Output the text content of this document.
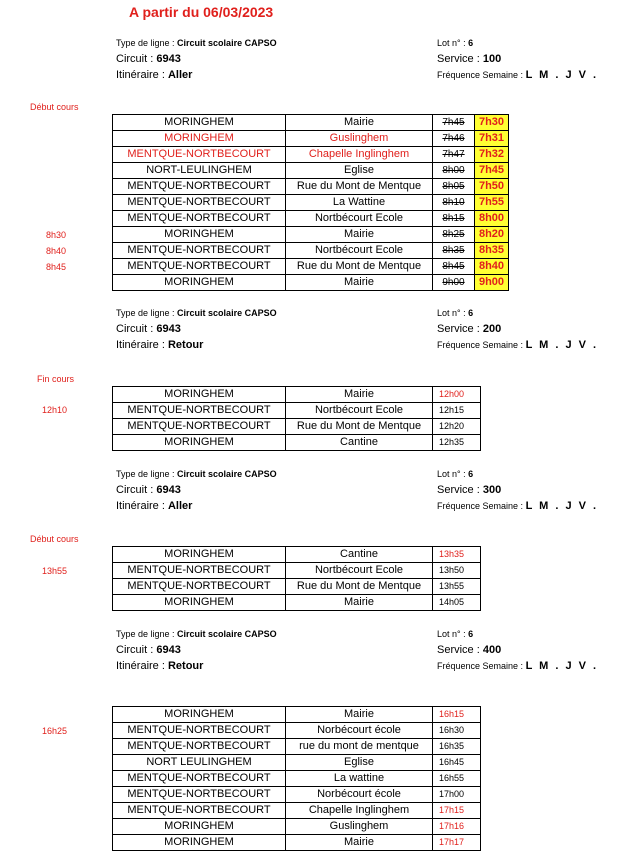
A partir du 06/03/2023
Type de ligne : Circuit scolaire CAPSO
Circuit : 6943
Itinéraire : Aller
Lot n° : 6
Service : 100
Fréquence Semaine : L M . J V .
Type de ligne : Circuit scolaire CAPSO
Circuit : 6943
Itinéraire : Retour
Lot n° : 6
Service : 200
Fréquence Semaine : L M . J V .
Type de ligne : Circuit scolaire CAPSO
Circuit : 6943
Itinéraire : Aller
Lot n° : 6
Service : 300
Fréquence Semaine : L M . J V .
Type de ligne : Circuit scolaire CAPSO
Circuit : 6943
Itinéraire : Retour
Lot n° : 6
Service : 400
Fréquence Semaine : L M . J V .
Début cours
8h30
8h40
8h45
Fin cours
12h10
Début cours
13h55
16h25
MORINGHEM	Mairie	7h45	7h30
MORINGHEM	Guslinghem	7h46	7h31
MENTQUE-NORTBECOURT	Chapelle Inglinghem	7h47	7h32
NORT-LEULINGHEM	Eglise	8h00	7h45
MENTQUE-NORTBECOURT	Rue du Mont de Mentque	8h05	7h50
MENTQUE-NORTBECOURT	La Wattine	8h10	7h55
MENTQUE-NORTBECOURT	Nortbécourt Ecole	8h15	8h00
MORINGHEM	Mairie	8h25	8h20
MENTQUE-NORTBECOURT	Nortbécourt Ecole	8h35	8h35
MENTQUE-NORTBECOURT	Rue du Mont de Mentque	8h45	8h40
MORINGHEM	Mairie	9h00	9h00
MORINGHEM	Mairie	12h00
MENTQUE-NORTBECOURT	Nortbécourt Ecole	12h15
MENTQUE-NORTBECOURT	Rue du Mont de Mentque	12h20
MORINGHEM	Cantine	12h35
MORINGHEM	Cantine	13h35
MENTQUE-NORTBECOURT	Nortbécourt Ecole	13h50
MENTQUE-NORTBECOURT	Rue du Mont de Mentque	13h55
MORINGHEM	Mairie	14h05
MORINGHEM	Mairie	16h15
MENTQUE-NORTBECOURT	Norbécourt école	16h30
MENTQUE-NORTBECOURT	rue du mont de mentque	16h35
NORT LEULINGHEM	Eglise	16h45
MENTQUE-NORTBECOURT	La wattine	16h55
MENTQUE-NORTBECOURT	Norbécourt école	17h00
MENTQUE-NORTBECOURT	Chapelle Inglinghem	17h15
MORINGHEM	Guslinghem	17h16
MORINGHEM	Mairie	17h17
